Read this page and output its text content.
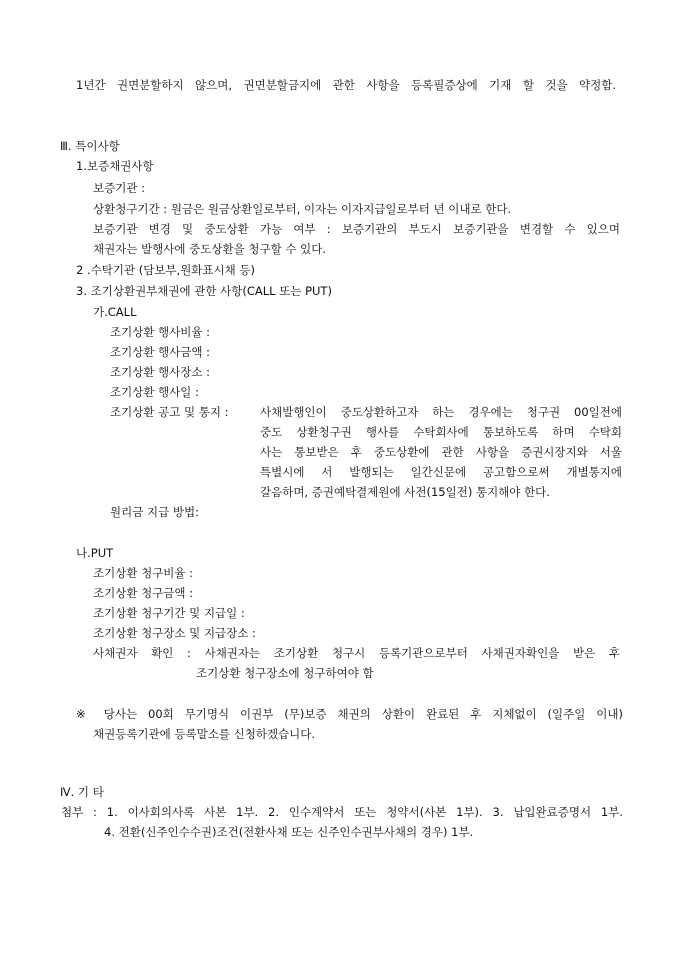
1년간 권면분할하지 않으며, 권면분할금지에 관한 사항을 등록필증상에 기재 할 것을 약정함.
Ⅲ. 특이사항
1.보증채권사항
보증기관 :
상환청구기간 : 원금은 원금상환일로부터, 이자는 이자지급일로부터 년 이내로 한다.
보증기관 변경 및 중도상환 가능 여부 : 보증기관의 부도시 보증기관을 변경할 수 있으며
채권자는 발행사에 중도상환을 청구할 수 있다.
2 .수탁기관 (담보부,원화표시채 등)
3. 조기상환권부채권에 관한 사항(CALL 또는 PUT)
가.CALL
조기상환 행사비율 :
조기상환 행사금액 :
조기상환 행사장소 :
조기상환 행사일 :
조기상환 공고 및 통지 :	사채발행인이 중도상환하고자 하는 경우에는 청구권 00일전에
중도 상환청구권 행사를 수탁회사에 통보하도록 하며 수탁회
사는 통보받은 후 중도상환에 관한 사항을 증권시장지와 서울
특별시에 서 발행되는 일간신문에 공고함으로써 개별통지에
갈음하며, 증권예탁결제원에 사전(15일전) 통지해야 한다.
원리금 지급 방법:
나.PUT
조기상환 청구비율 :
조기상환 청구금액 :
조기상환 청구기간 및 지급일 :
조기상환 청구장소 및 지급장소 :
사채권자 확인 : 사채권자는 조기상환 청구시 등록기관으로부터 사채권자확인을 받은 후
조기상환 청구장소에 청구하여야 함
※ 당사는 00회 무기명식 이권부 (무)보증 채권의 상환이 완료된 후 지체없이 (일주일 이내)
채권등록기관에 등록말소를 신청하겠습니다.
Ⅳ. 기 타
첨부 : 1. 이사회의사록 사본 1부. 2. 인수계약서 또는 청약서(사본 1부). 3. 납입완료증명서 1부.
4. 전환(신주인수수권)조건(전환사채 또는 신주인수권부사채의 경우) 1부.
